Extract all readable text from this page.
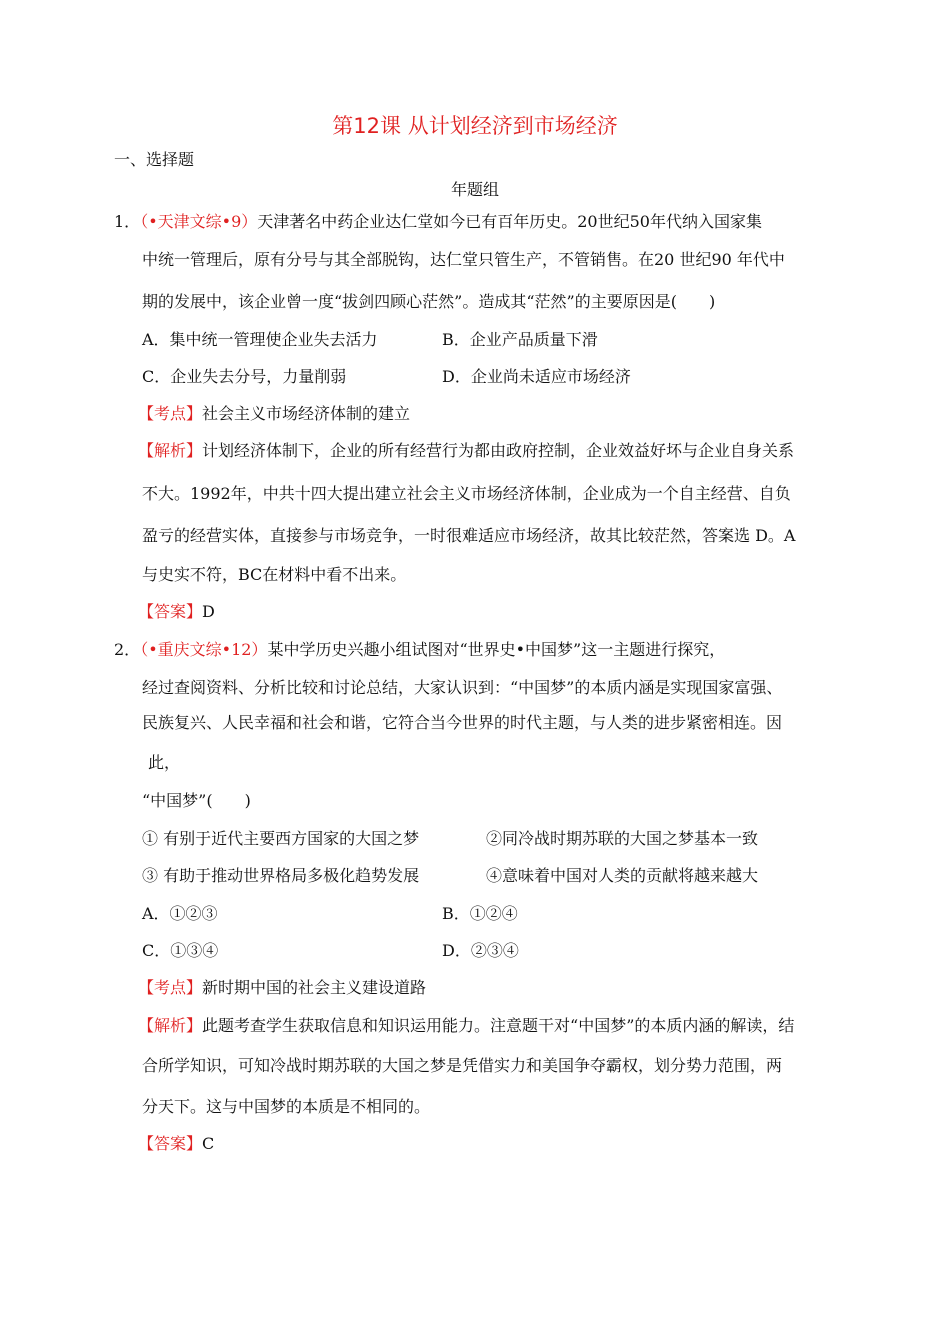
第12课 从计划经济到市场经济
一、选择题
年题组
1．（•天津文综•9）天津著名中药企业达仁堂如今已有百年历史。20世纪50年代纳入国家集
中统一管理后，原有分号与其全部脱钩，达仁堂只管生产，不管销售。在20 世纪90 年代中
期的发展中，该企业曾一度“拔剑四顾心茫然”。造成其“茫然”的主要原因是(　　)
A．集中统一管理使企业失去活力	B．企业产品质量下滑
C．企业失去分号，力量削弱	D．企业尚未适应市场经济
【考点】社会主义市场经济体制的建立
【解析】计划经济体制下，企业的所有经营行为都由政府控制，企业效益好坏与企业自身关系
不大。1992年，中共十四大提出建立社会主义市场经济体制，企业成为一个自主经营、自负
盈亏的经营实体，直接参与市场竞争，一时很难适应市场经济，故其比较茫然，答案选 D。A
与史实不符，BC在材料中看不出来。
【答案】D
2．（•重庆文综•12）某中学历史兴趣小组试图对“世界史•中国梦”这一主题进行探究，
经过查阅资料、分析比较和讨论总结，大家认识到：“中国梦”的本质内涵是实现国家富强、
民族复兴、人民幸福和社会和谐，它符合当今世界的时代主题，与人类的进步紧密相连。因
此，
“中国梦”(　　)
① 有别于近代主要西方国家的大国之梦	②同冷战时期苏联的大国之梦基本一致
③ 有助于推动世界格局多极化趋势发展	④意味着中国对人类的贡献将越来越大
A．①②③	B．①②④
C．①③④	D．②③④
【考点】新时期中国的社会主义建设道路
【解析】此题考查学生获取信息和知识运用能力。注意题干对“中国梦”的本质内涵的解读，结
合所学知识，可知冷战时期苏联的大国之梦是凭借实力和美国争夺霸权，划分势力范围，两
分天下。这与中国梦的本质是不相同的。
【答案】C
